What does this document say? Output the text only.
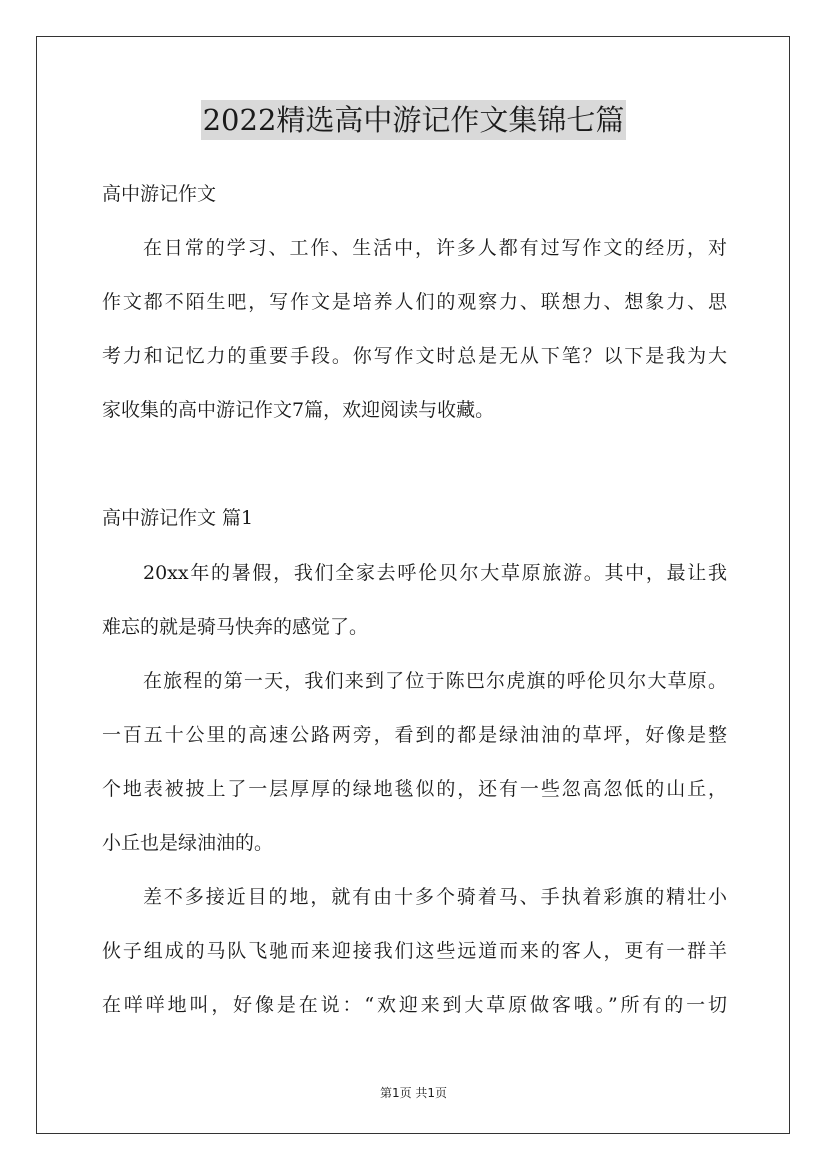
2022精选高中游记作文集锦七篇
高中游记作文
在日常的学习、工作、生活中，许多人都有过写作文的经历，对
作文都不陌生吧，写作文是培养人们的观察力、联想力、想象力、思
考力和记忆力的重要手段。你写作文时总是无从下笔？以下是我为大
家收集的高中游记作文7篇，欢迎阅读与收藏。
高中游记作文 篇1
20xx年的暑假，我们全家去呼伦贝尔大草原旅游。其中，最让我
难忘的就是骑马快奔的感觉了。
在旅程的第一天，我们来到了位于陈巴尔虎旗的呼伦贝尔大草原。
一百五十公里的高速公路两旁，看到的都是绿油油的草坪，好像是整
个地表被披上了一层厚厚的绿地毯似的，还有一些忽高忽低的山丘，
小丘也是绿油油的。
差不多接近目的地，就有由十多个骑着马、手执着彩旗的精壮小
伙子组成的马队飞驰而来迎接我们这些远道而来的客人，更有一群羊
在咩咩地叫，好像是在说：“欢迎来到大草原做客哦。”所有的一切
第1页 共1页
